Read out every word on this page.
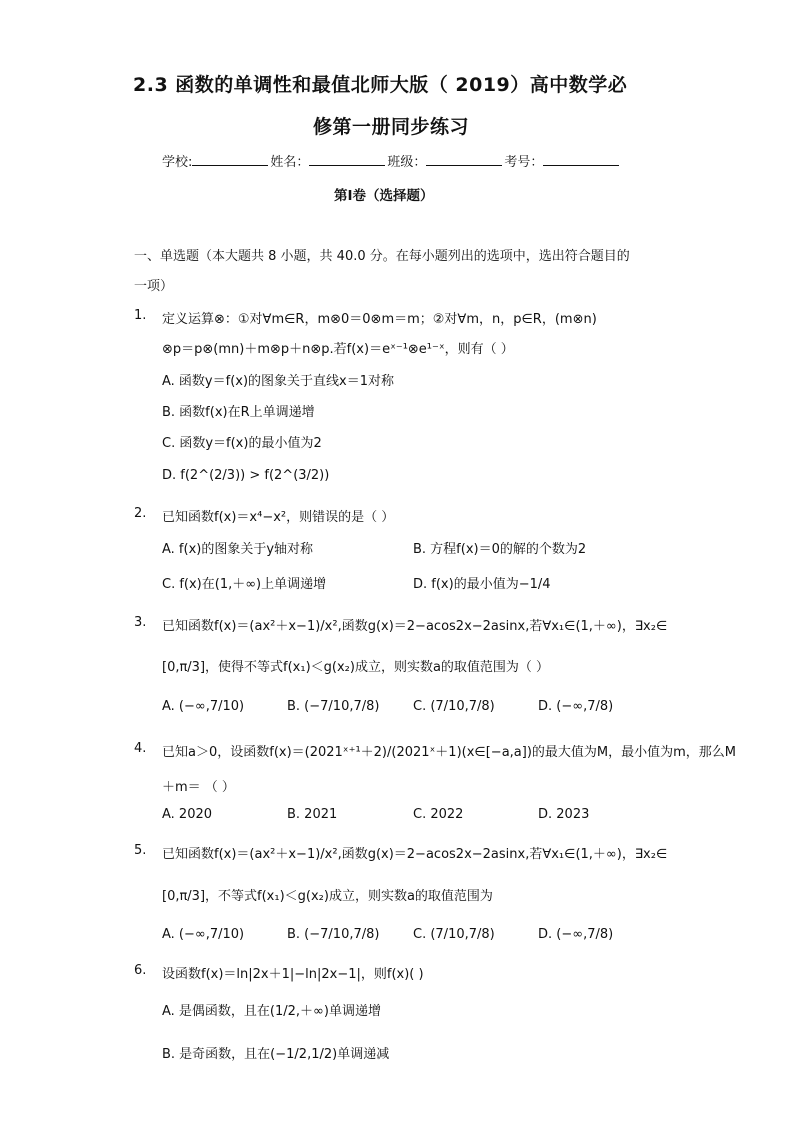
2.3 函数的单调性和最值北师大版（ 2019）高中数学必
修第一册同步练习
学校:	姓名：	班级：	考号：
第I卷（选择题）
一、单选题（本大题共 8 小题，共 40.0 分。在每小题列出的选项中，选出符合题目的
一项）
1. 定义运算⊗：①对∀m∈R，m⊗0＝0⊗m＝m；②对∀m，n，p∈R，(m⊗n)
⊗p＝p⊗(mn)＋m⊗p＋n⊗p.若f(x)＝eˣ⁻¹⊗e¹⁻ˣ，则有（ ）
A. 函数y＝f(x)的图象关于直线x＝1对称
B. 函数f(x)在R上单调递增
C. 函数y＝f(x)的最小值为2
D. f(2^(2/3)) > f(2^(3/2))
2. 已知函数f(x)＝x⁴−x²，则错误的是（ ）
A. f(x)的图象关于y轴对称	B. 方程f(x)＝0的解的个数为2
C. f(x)在(1,＋∞)上单调递增	D. f(x)的最小值为−1/4
3. 已知函数f(x)＝(ax²＋x−1)/x²,函数g(x)＝2−acos2x−2asinx,若∀x₁∈(1,＋∞)，∃x₂∈
[0,π/3]，使得不等式f(x₁)＜g(x₂)成立，则实数a的取值范围为（ ）
A. (−∞,7/10)	B. (−7/10,7/8)	C. (7/10,7/8)	D. (−∞,7/8)
4. 已知a＞0，设函数f(x)＝(2021ˣ⁺¹＋2)/(2021ˣ＋1)(x∈[−a,a])的最大值为M，最小值为m，那么M
＋m＝ （ ）
A. 2020	B. 2021	C. 2022	D. 2023
5. 已知函数f(x)＝(ax²＋x−1)/x²,函数g(x)＝2−acos2x−2asinx,若∀x₁∈(1,＋∞)，∃x₂∈
[0,π/3]，不等式f(x₁)＜g(x₂)成立，则实数a的取值范围为
A. (−∞,7/10)	B. (−7/10,7/8)	C. (7/10,7/8)	D. (−∞,7/8)
6. 设函数f(x)＝ln|2x＋1|−ln|2x−1|，则f(x)( )
A. 是偶函数，且在(1/2,＋∞)单调递增
B. 是奇函数，且在(−1/2,1/2)单调递减
